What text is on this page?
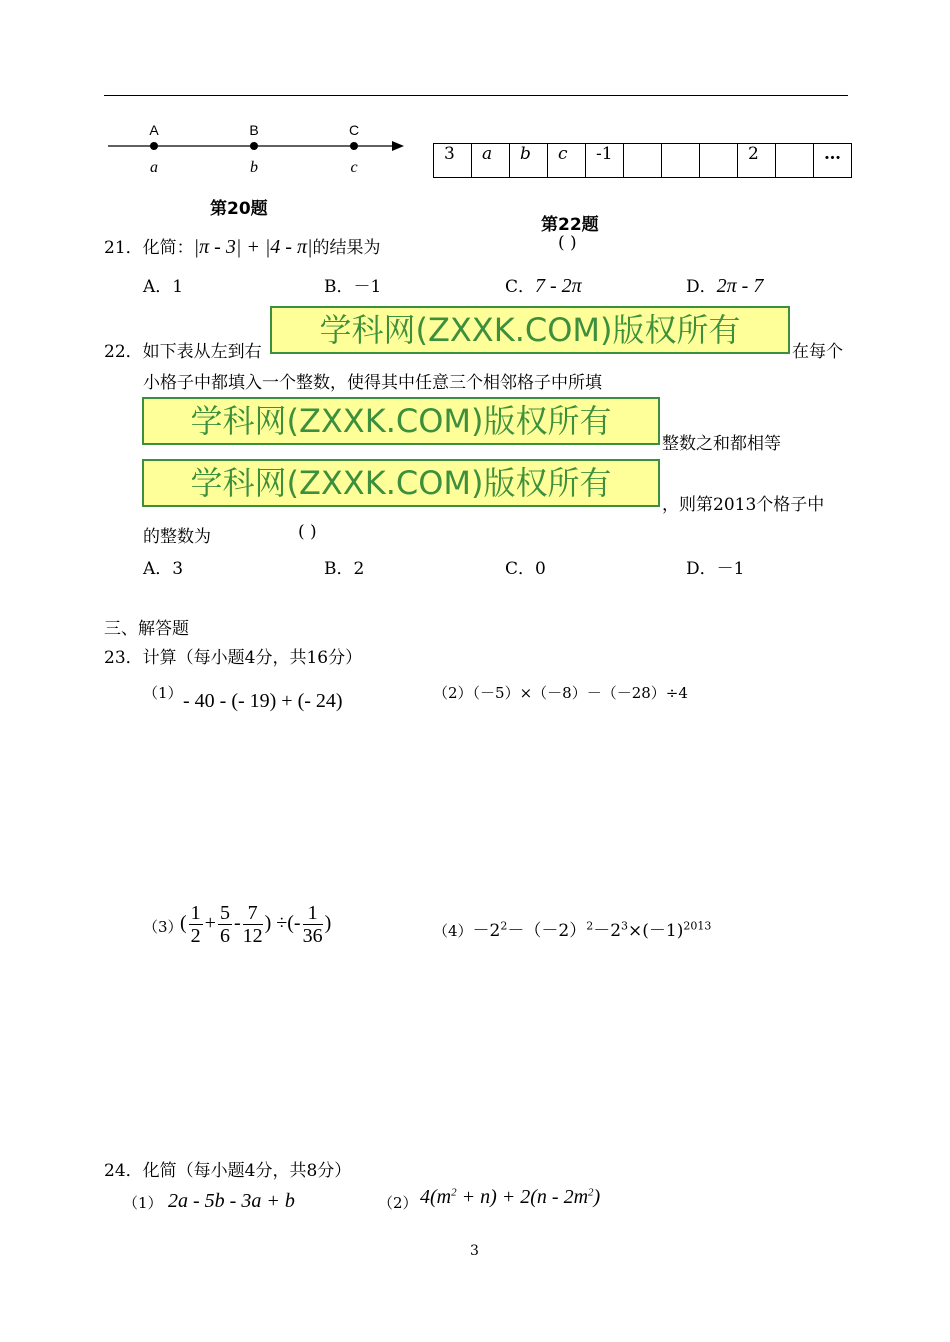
A	B	C
a	b	c
第20题
3	a	b	c	-1				2		…
第22题
21．化简：|π - 3| + |4 - π|的结果为	( )
A．1	B．－1	C．7 - 2π	D．2π - 7
22．如下表从左到右
学科网(ZXXK.COM)版权所有
在每个
小格子中都填入一个整数，使得其中任意三个相邻格子中所填
学科网(ZXXK.COM)版权所有
整数之和都相等
学科网(ZXXK.COM)版权所有
，则第2013个格子中
的整数为	( )
A．3	B．2	C．0	D．－1
三、解答题
23．计算（每小题4分，共16分）
（1） - 40 - (- 19) + (- 24)	（2）（－5）×（－8）－（－28）÷4
（3）
( $\frac{1}{2} + \frac{5}{6} - \frac{7}{12}$ ) ÷(- $\frac{1}{36}$ )	$(4)-2^2-(-2)^2-2^3\times(-1)^{2013}$
24．化简（每小题4分，共8分）
（1） 2a - 5b - 3a + b	（2） $4(m^2 + n) + 2(n - 2m^2)$
3
